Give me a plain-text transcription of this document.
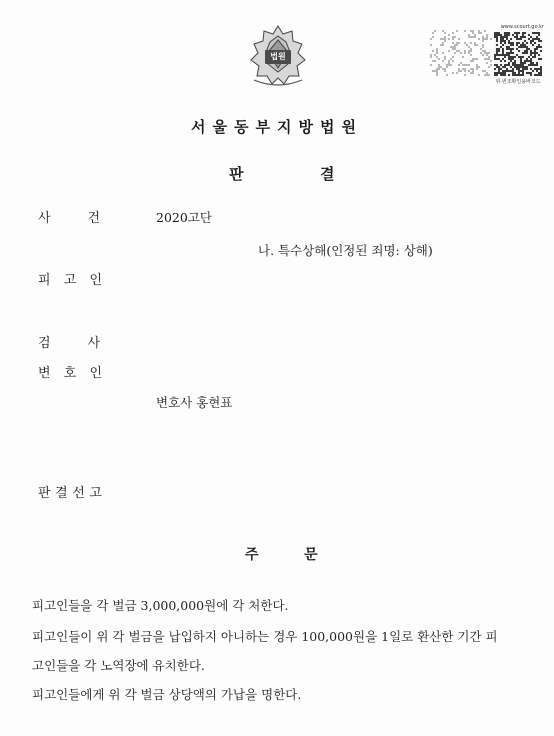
법원
www.scourt.go.kr
위·변조확인용바코드
서울동부지방법원
판	결
사	건	2020고단
나. 특수상해(인정된 죄명: 상해)
피 고 인
검	사
변 호 인
변호사 홍현표
판 결 선 고
주	문
피고인들을 각 벌금 3,000,000원에 각 처한다.
피고인들이 위 각 벌금을 납입하지 아니하는 경우 100,000원을 1일로 환산한 기간 피
고인들을 각 노역장에 유치한다.
피고인들에게 위 각 벌금 상당액의 가납을 명한다.
